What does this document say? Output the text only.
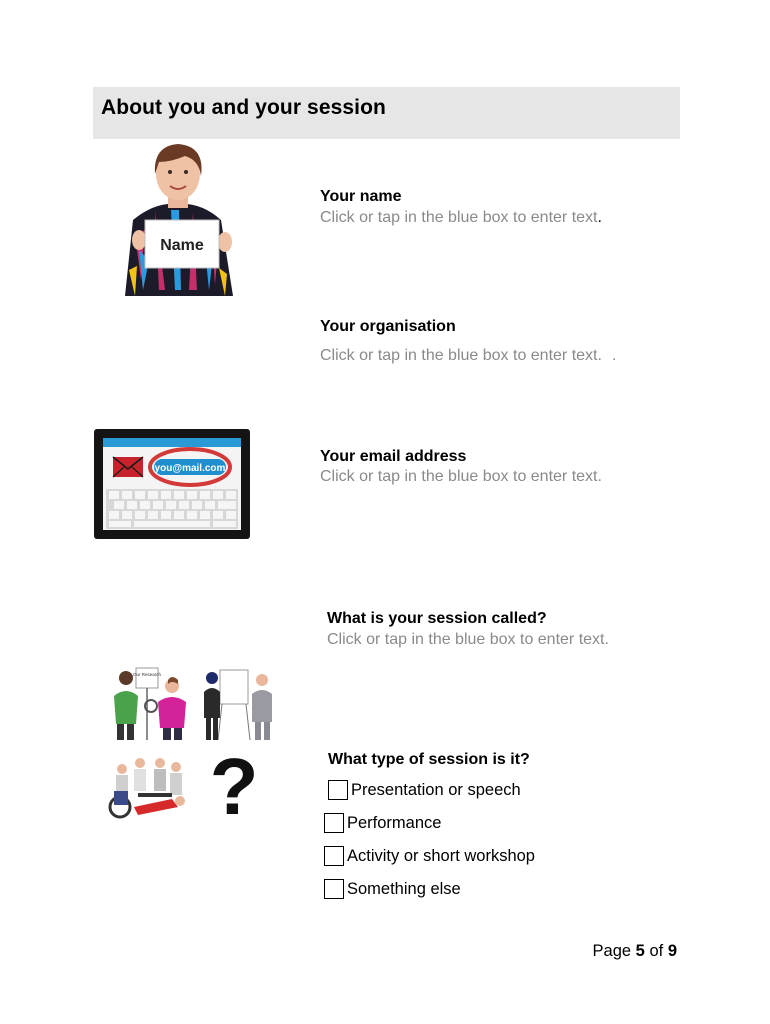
About you and your session
Name
Your name
Click or tap in the blue box to enter text.
Your organisation
Click or tap in the blue box to enter text. .
you@mail.com
Your email address
Click or tap in the blue box to enter text.
What is your session called?
Click or tap in the blue box to enter text.
Our Research
?	What type of session is it?
Presentation or speech
Performance
Activity or short workshop
Something else
Page 5 of 9
